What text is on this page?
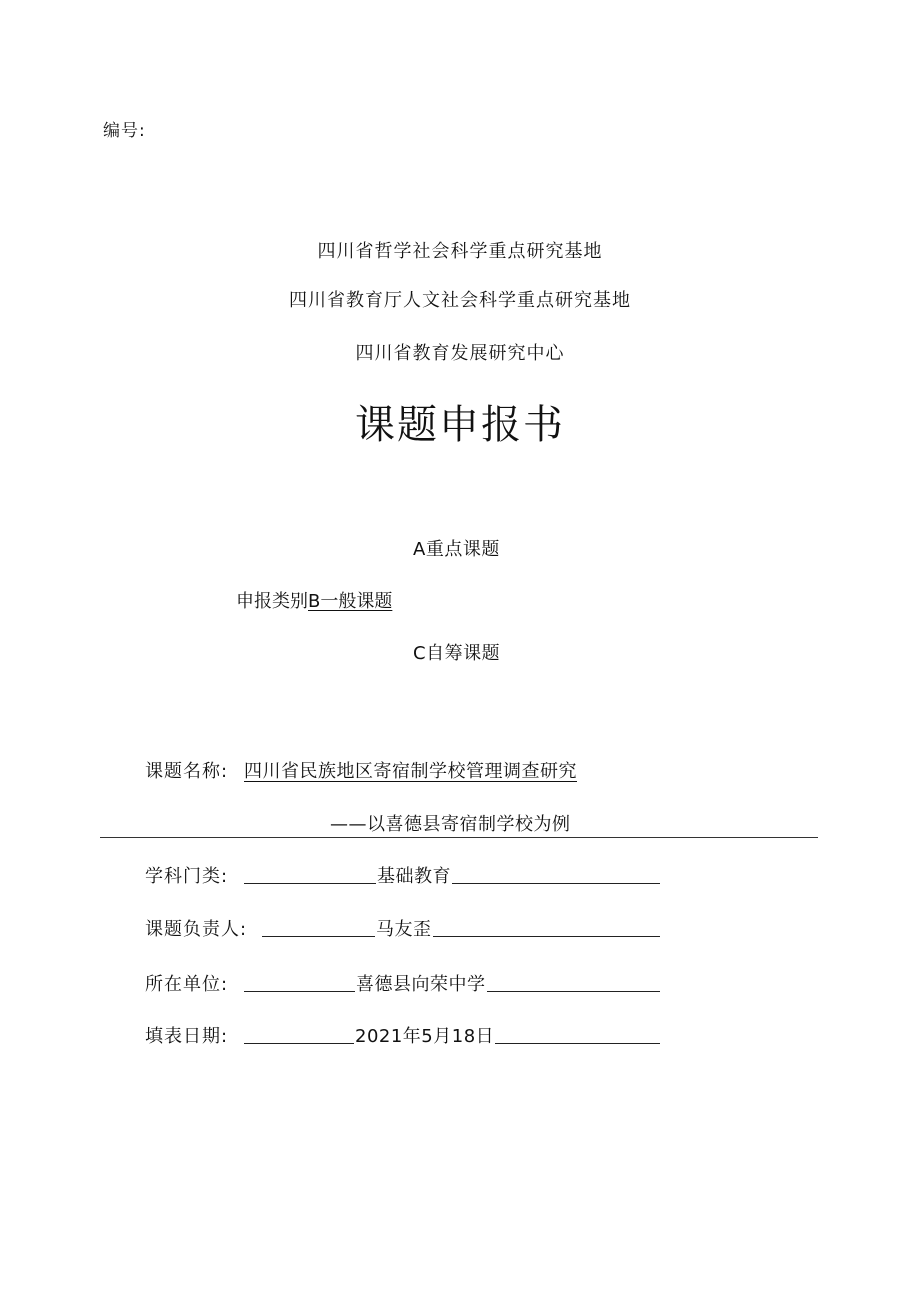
编号:
四川省哲学社会科学重点研究基地
四川省教育厅人文社会科学重点研究基地
四川省教育发展研究中心
课题申报书
A重点课题
申报类别B一般课题
C自筹课题
课题名称: 四川省民族地区寄宿制学校管理调查研究
——以喜德县寄宿制学校为例
学科门类:	基础教育
课题负责人:	马友歪
所在单位:	喜德县向荣中学
填表日期:	2021年5月18日
